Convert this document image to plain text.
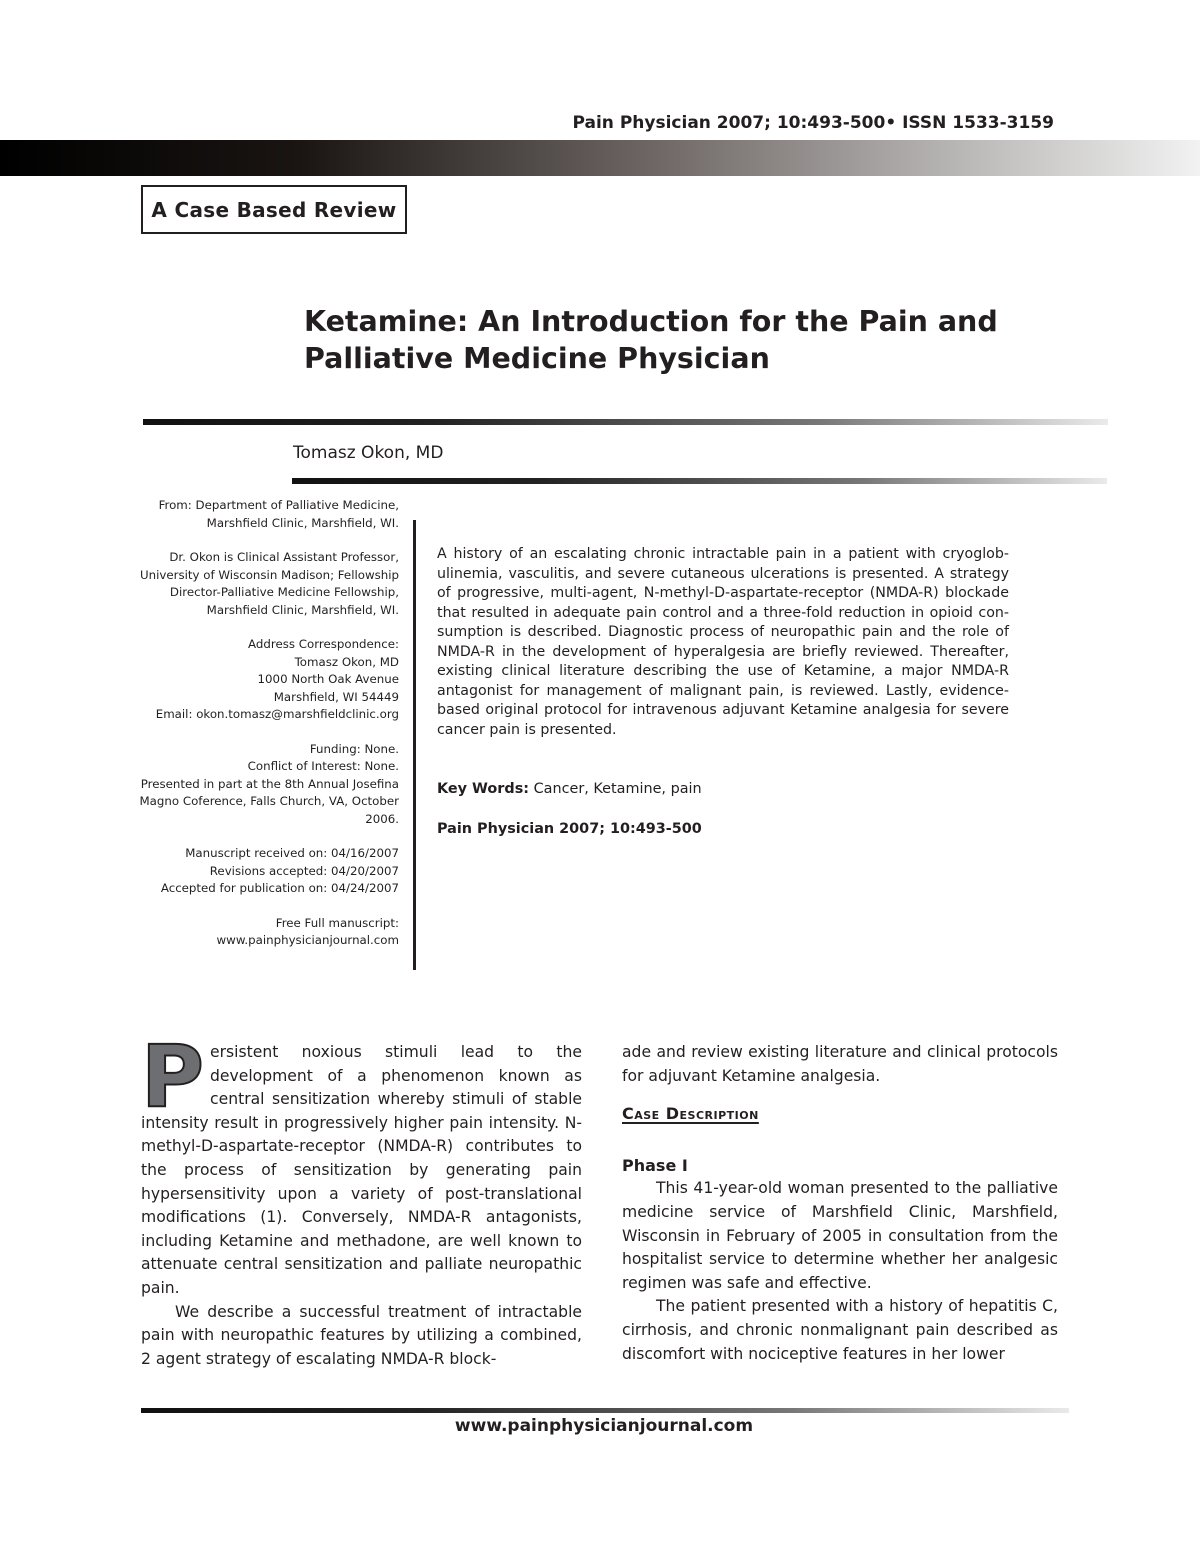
Pain Physician 2007; 10:493-500• ISSN 1533-3159
A Case Based Review
Ketamine: An Introduction for the Pain and Palliative Medicine Physician
Tomasz Okon, MD

From: Department of Palliative Medicine, Marshfield Clinic, Marshfield, WI.

Dr. Okon is Clinical Assistant Professor, University of Wisconsin Madison; Fellowship Director-Palliative Medicine Fellowship, Marshfield Clinic, Marshfield, WI.

Address Correspondence:
Tomasz Okon, MD
1000 North Oak Avenue
Marshfield, WI 54449
Email: okon.tomasz@marshfieldclinic.org

Funding: None.
Conflict of Interest: None.
Presented in part at the 8th Annual Josefina Magno Coference, Falls Church, VA, October 2006.

Manuscript received on: 04/16/2007
Revisions accepted: 04/20/2007
Accepted for publication on: 04/24/2007

Free Full manuscript:
www.painphysicianjournal.com

A history of an escalating chronic intractable pain in a patient with cryoglobulinemia, vasculitis, and severe cutaneous ulcerations is presented. A strategy of progressive, multi-agent, N-methyl-D-aspartate-receptor (NMDA-R) blockade that resulted in adequate pain control and a three-fold reduction in opioid consumption is described. Diagnostic process of neuropathic pain and the role of NMDA-R in the development of hyperalgesia are briefly reviewed. Thereafter, existing clinical literature describing the use of Ketamine, a major NMDA-R antagonist for management of malignant pain, is reviewed. Lastly, evidence-based original protocol for intravenous adjuvant Ketamine analgesia for severe cancer pain is presented.

Key Words: Cancer, Ketamine, pain
Pain Physician 2007; 10:493-500

Persistent noxious stimuli lead to the development of a phenomenon known as central sensitization whereby stimuli of stable intensity result in progressively higher pain intensity. N-methyl-D-aspartate-receptor (NMDA-R) contributes to the process of sensitization by generating pain hypersensitivity upon a variety of post-translational modifications (1). Conversely, NMDA-R antagonists, including Ketamine and methadone, are well known to attenuate central sensitization and palliate neuropathic pain.

We describe a successful treatment of intractable pain with neuropathic features by utilizing a combined, 2 agent strategy of escalating NMDA-R block-

ade and review existing literature and clinical protocols for adjuvant Ketamine analgesia.

Case Description
Phase I

This 41-year-old woman presented to the palliative medicine service of Marshfield Clinic, Marshfield, Wisconsin in February of 2005 in consultation from the hospitalist service to determine whether her analgesic regimen was safe and effective.

The patient presented with a history of hepatitis C, cirrhosis, and chronic nonmalignant pain described as discomfort with nociceptive features in her lower

www.painphysicianjournal.com
